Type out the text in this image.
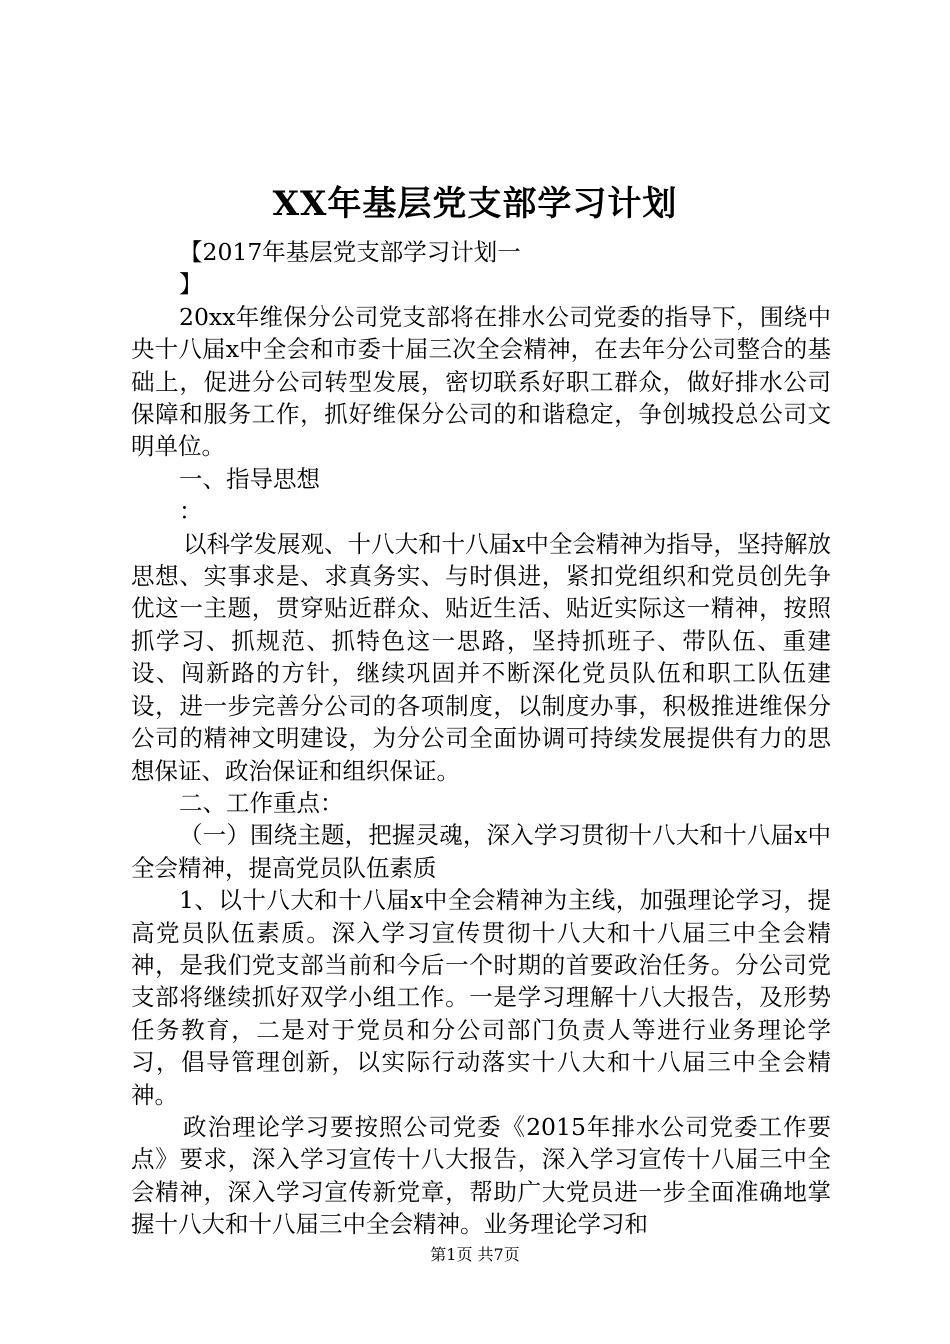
XX年基层党支部学习计划

【2017年基层党支部学习计划一

】

20xx年维保分公司党支部将在排水公司党委的指导下，围绕中央十八届x中全会和市委十届三次全会精神，在去年分公司整合的基础上，促进分公司转型发展，密切联系好职工群众，做好排水公司保障和服务工作，抓好维保分公司的和谐稳定，争创城投总公司文明单位。

一、指导思想

：

以科学发展观、十八大和十八届x中全会精神为指导，坚持解放思想、实事求是、求真务实、与时俱进，紧扣党组织和党员创先争优这一主题，贯穿贴近群众、贴近生活、贴近实际这一精神，按照抓学习、抓规范、抓特色这一思路，坚持抓班子、带队伍、重建设、闯新路的方针，继续巩固并不断深化党员队伍和职工队伍建设，进一步完善分公司的各项制度，以制度办事，积极推进维保分公司的精神文明建设，为分公司全面协调可持续发展提供有力的思想保证、政治保证和组织保证。

二、工作重点：

（一）围绕主题，把握灵魂，深入学习贯彻十八大和十八届x中全会精神，提高党员队伍素质

1、以十八大和十八届x中全会精神为主线，加强理论学习，提高党员队伍素质。深入学习宣传贯彻十八大和十八届三中全会精神，是我们党支部当前和今后一个时期的首要政治任务。分公司党支部将继续抓好双学小组工作。一是学习理解十八大报告，及形势任务教育，二是对于党员和分公司部门负责人等进行业务理论学习，倡导管理创新，以实际行动落实十八大和十八届三中全会精神。

政治理论学习要按照公司党委《2015年排水公司党委工作要点》要求，深入学习宣传十八大报告，深入学习宣传十八届三中全会精神，深入学习宣传新党章，帮助广大党员进一步全面准确地掌握十八大和十八届三中全会精神。业务理论学习和

第1页 共7页
